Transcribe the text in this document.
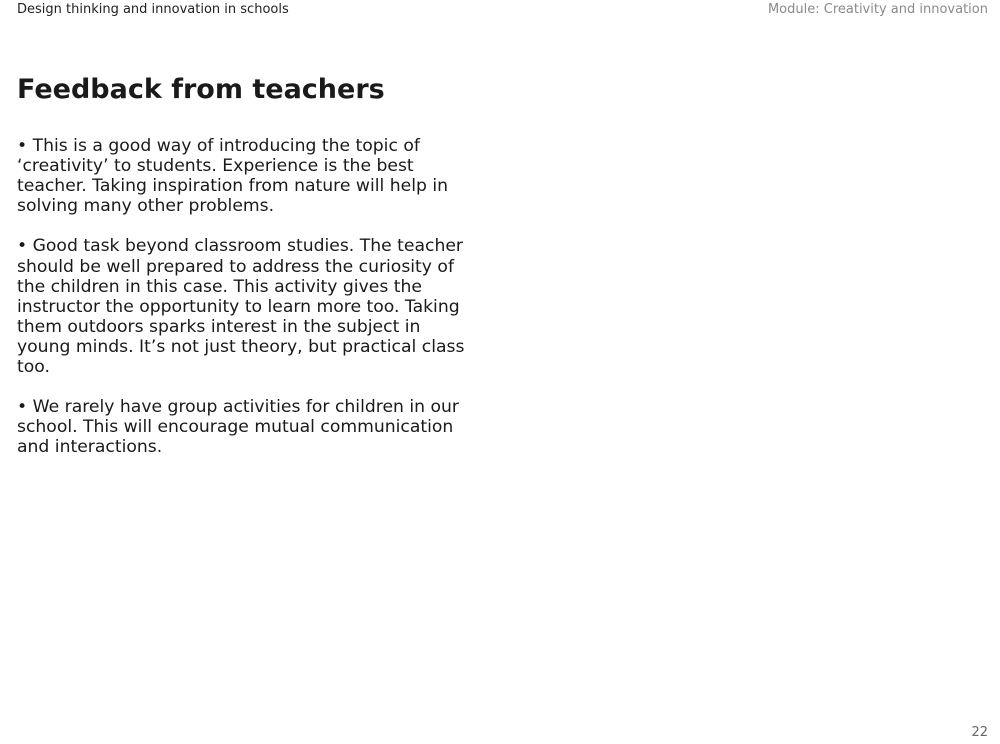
Design thinking and innovation in schools	Module: Creativity and innovation
Feedback from teachers
• This is a good way of introducing the topic of ‘creativity’ to students. Experience is the best teacher. Taking inspiration from nature will help in solving many other problems.
• Good task beyond classroom studies. The teacher should be well prepared to address the curiosity of the children in this case. This activity gives the instructor the opportunity to learn more too. Taking them outdoors sparks interest in the subject in young minds. It’s not just theory, but practical class too.
• We rarely have group activities for children in our school. This will encourage mutual communication and interactions.
22
